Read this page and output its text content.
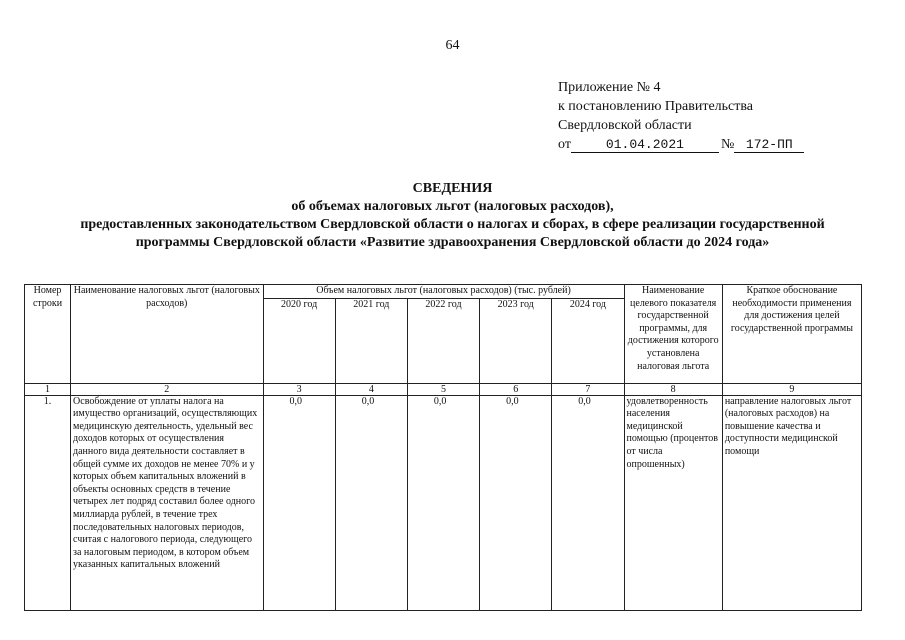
64
Приложение № 4
к постановлению Правительства
Свердловской области
от	01.04.2021	№ 172-ПП
СВЕДЕНИЯ
об объемах налоговых льгот (налоговых расходов),
предоставленных законодательством Свердловской области о налогах и сборах, в сфере реализации государственной
программы Свердловской области «Развитие здравоохранения Свердловской области до 2024 года»
Номер строки	Наименование налоговых льгот (налоговых расходов)	Объем налоговых льгот (налоговых расходов) (тыс. рублей)					Наименование целевого показателя государственной программы, для достижения которого установлена налоговая льгота	Краткое обоснование необходимости применения для достижения целей государственной программы
		2020 год	2021 год	2022 год	2023 год	2024 год		
1	2	3	4	5	6	7	8	9
1.	Освобождение от уплаты налога на имущество организаций, осуществляющих медицинскую деятельность, удельный вес доходов которых от осуществления данного вида деятельности составляет в общей сумме их доходов не менее 70% и у которых объем капитальных вложений в объекты основных средств в течение четырех лет подряд составил более одного миллиарда рублей, в течение трех последовательных налоговых периодов, считая с налогового периода, следующего за налоговым периодом, в котором объем указанных капитальных вложений	0,0	0,0	0,0	0,0	0,0	удовлетворенность населения медицинской помощью (процентов от числа опрошенных)	направление налоговых льгот (налоговых расходов) на повышение качества и доступности медицинской помощи
